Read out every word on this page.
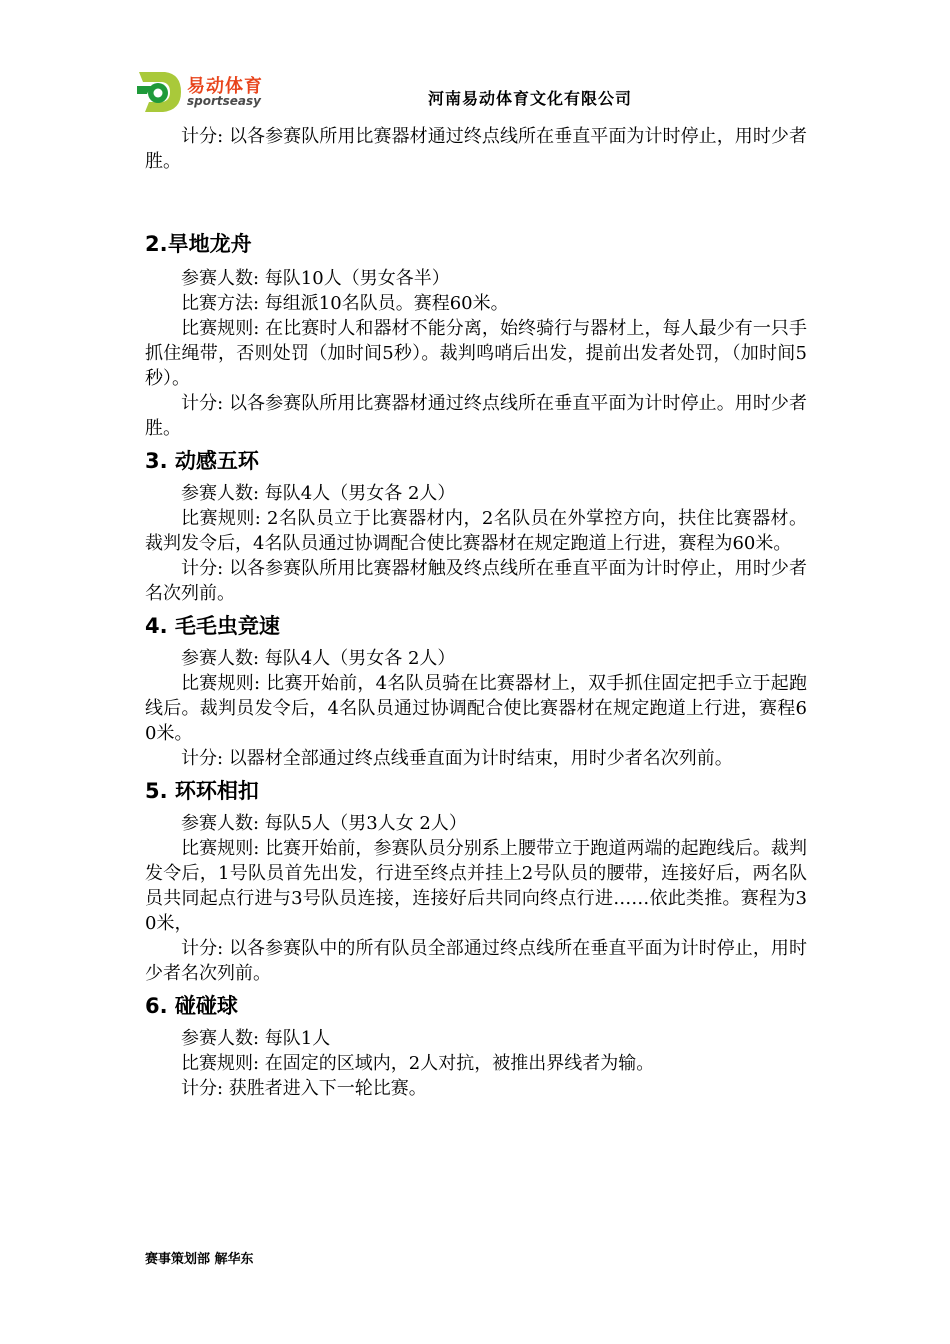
易动体育
sportseasy	河南易动体育文化有限公司

计分: 以各参赛队所用比赛器材通过终点线所在垂直平面为计时停止，用时少者胜。

2.旱地龙舟

参赛人数: 每队10人（男女各半）

比赛方法: 每组派10名队员。赛程60米。

比赛规则: 在比赛时人和器材不能分离，始终骑行与器材上，每人最少有一只手抓住绳带，否则处罚（加时间5秒）。裁判鸣哨后出发，提前出发者处罚，（加时间5秒）。

计分: 以各参赛队所用比赛器材通过终点线所在垂直平面为计时停止。用时少者胜。

3. 动感五环

参赛人数: 每队4人（男女各 2人）

比赛规则: 2名队员立于比赛器材内，2名队员在外掌控方向，扶住比赛器材。裁判发令后，4名队员通过协调配合使比赛器材在规定跑道上行进，赛程为60米。

计分: 以各参赛队所用比赛器材触及终点线所在垂直平面为计时停止，用时少者名次列前。

4. 毛毛虫竞速

参赛人数: 每队4人（男女各 2人）

比赛规则: 比赛开始前，4名队员骑在比赛器材上，双手抓住固定把手立于起跑线后。裁判员发令后，4名队员通过协调配合使比赛器材在规定跑道上行进，赛程60米。

计分: 以器材全部通过终点线垂直面为计时结束，用时少者名次列前。

5. 环环相扣

参赛人数: 每队5人（男3人女 2人）

比赛规则: 比赛开始前，参赛队员分别系上腰带立于跑道两端的起跑线后。裁判发令后，1号队员首先出发，行进至终点并挂上2号队员的腰带，连接好后，两名队员共同起点行进与3号队员连接，连接好后共同向终点行进……依此类推。赛程为30米，

计分: 以各参赛队中的所有队员全部通过终点线所在垂直平面为计时停止，用时少者名次列前。

6. 碰碰球

参赛人数: 每队1人

比赛规则: 在固定的区域内，2人对抗，被推出界线者为输。

计分: 获胜者进入下一轮比赛。

赛事策划部 解华东
